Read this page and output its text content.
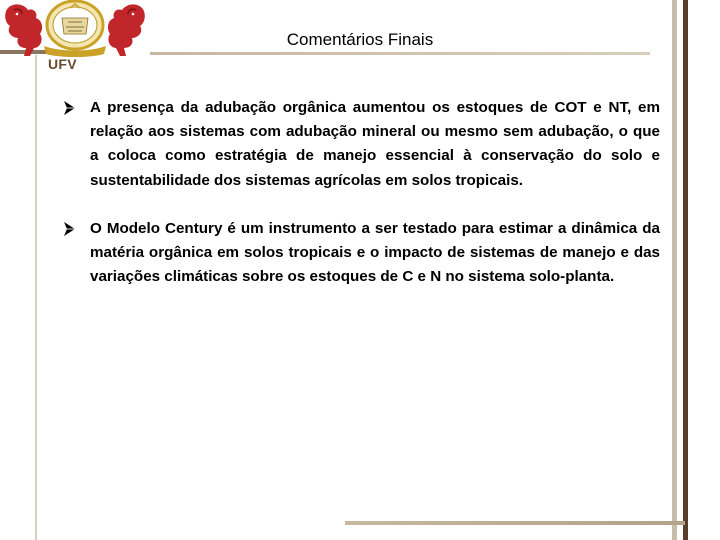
UFV
Comentários Finais
A presença da adubação orgânica aumentou os estoques de COT e NT, em relação aos sistemas com adubação mineral ou mesmo sem adubação, o que a coloca como estratégia de manejo essencial à conservação do solo e sustentabilidade dos sistemas agrícolas em solos tropicais.
O Modelo Century é um instrumento a ser testado para estimar a dinâmica da matéria orgânica em solos tropicais e o impacto de sistemas de manejo e das variações climáticas sobre os estoques de C e N no sistema solo-planta.
